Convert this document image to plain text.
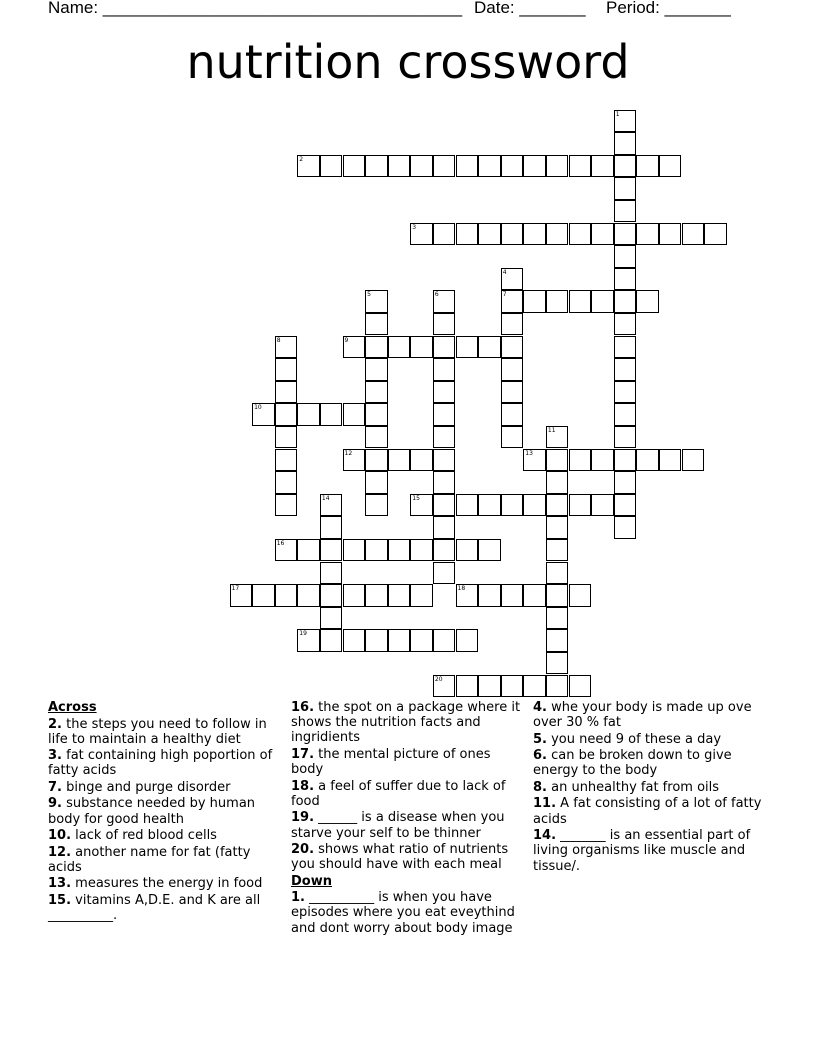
Name: ______________________________________ Date: _______ Period: _______
nutrition crossword
1
2
3
4
7
5	6
8	9
10
11
12	13
14	15
16
17	18
19
20
Across
2. the steps you need to follow in life to maintain a healthy diet
3. fat containing high poportion of fatty acids
7. binge and purge disorder
9. substance needed by human body for good health
10. lack of red blood cells
12. another name for fat (fatty acids
13. measures the energy in food
15. vitamins A,D.E. and K are all __________.
16. the spot on a package where it shows the nutrition facts and ingridients
17. the mental picture of ones body
18. a feel of suffer due to lack of food
19. ______ is a disease when you starve your self to be thinner
20. shows what ratio of nutrients you should have with each meal
Down
1. __________ is when you have episodes where you eat eveythind and dont worry about body image
4. whe your body is made up ove over 30 % fat
5. you need 9 of these a day
6. can be broken down to give energy to the body
8. an unhealthy fat from oils
11. A fat consisting of a lot of fatty acids
14. _______ is an essential part of living organisms like muscle and tissue/.
